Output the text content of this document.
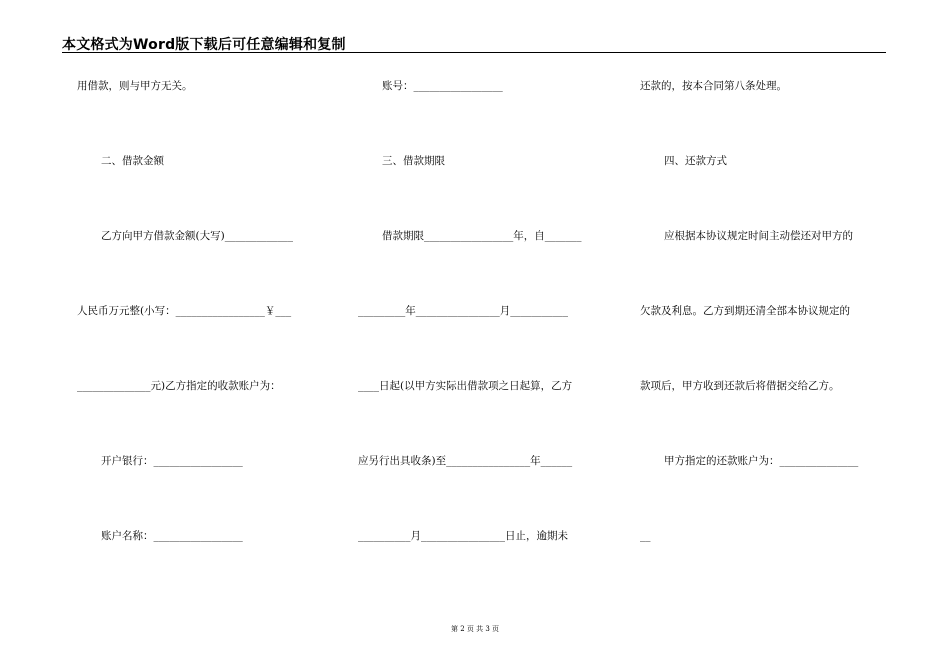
本文格式为Word版下载后可任意编辑和复制
用借款，则与甲方无关。
二、借款金额
乙方向甲方借款金额(大写)_____________
人民币万元整(小写：_________________￥___
______________元)乙方指定的收款账户为：
开户银行：_________________
账户名称：_________________
账号：_________________
三、借款期限
借款期限_________________年，自_______
_________年________________月___________
____日起(以甲方实际出借款项之日起算，乙方
应另行出具收条)至________________年______
__________月________________日止，逾期未
还款的，按本合同第八条处理。
四、还款方式
应根据本协议规定时间主动偿还对甲方的
欠款及利息。乙方到期还清全部本协议规定的
款项后，甲方收到还款后将借据交给乙方。
甲方指定的还款账户为：_______________
__
第 2 页 共 3 页
